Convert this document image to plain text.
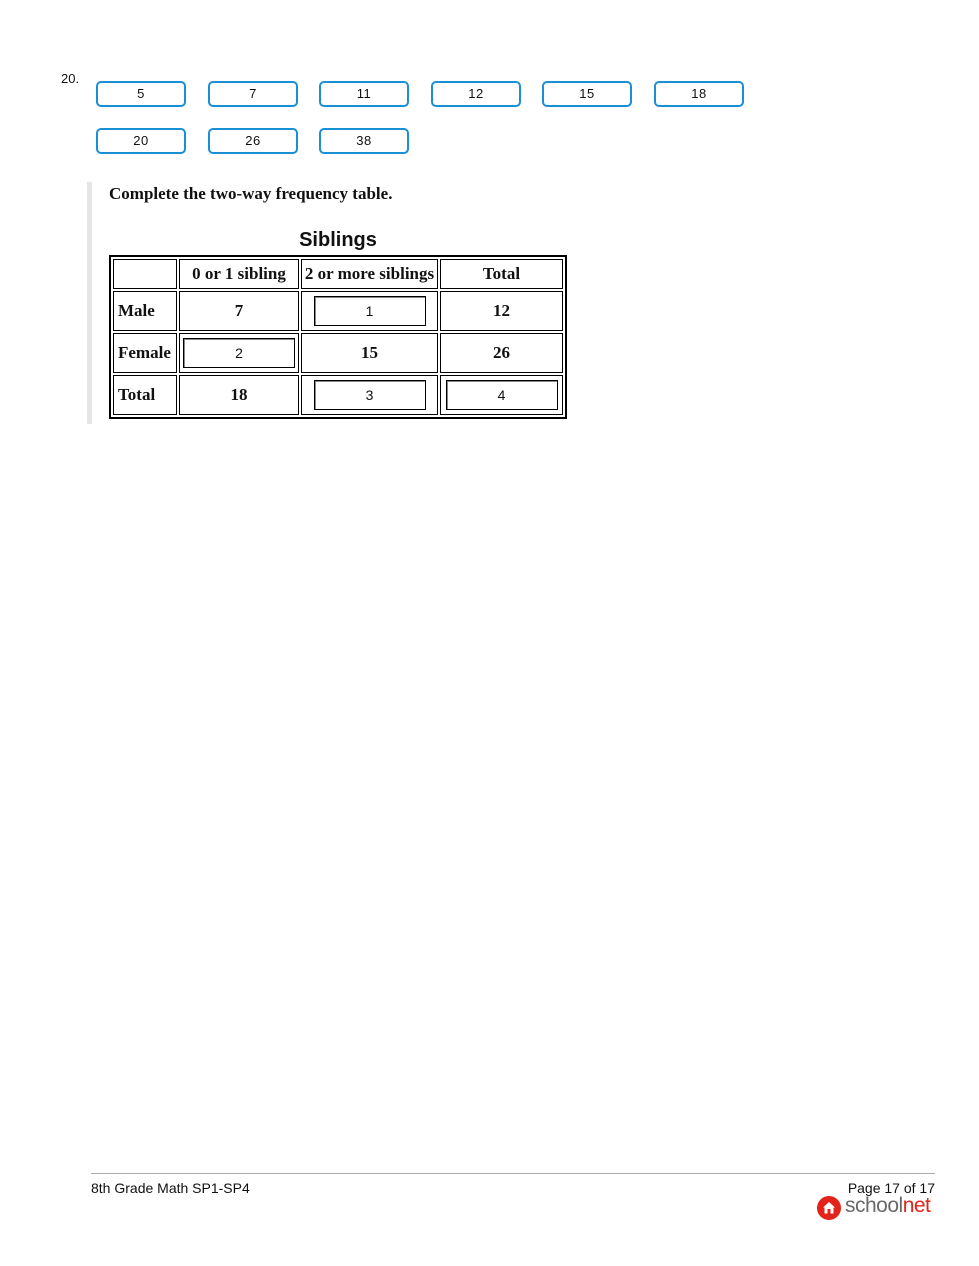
20.
5	7	11	12	15	18
20	26	38
Complete the two-way frequency table.
Siblings
	0 or 1 sibling	2 or more siblings	Total
Male	7	1	12
Female	2	15	26
Total	18	3	4
8th Grade Math SP1-SP4	Page 17 of 17
schoolnet
